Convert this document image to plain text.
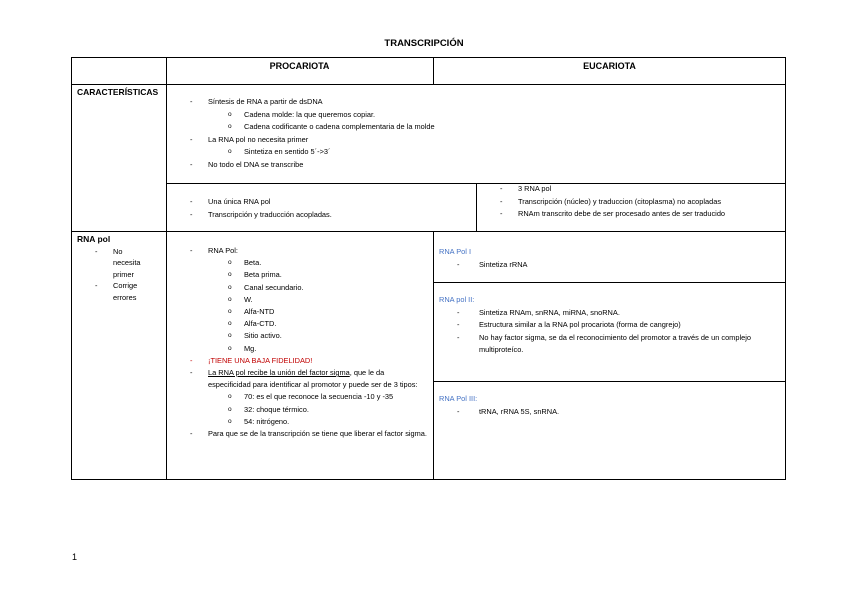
TRANSCRIPCIÓN
PROCARIOTA	EUCARIOTA
CARACTERÍSTICAS
- Síntesis de RNA a partir de dsDNA
o Cadena molde: la que queremos copiar.
o Cadena codificante o cadena complementaria de la molde
- La RNA pol no necesita primer
o Sintetiza en sentido 5´->3´
- No todo el DNA se transcribe
- Una única RNA pol
- Transcripción y traducción acopladas.
- 3 RNA pol
- Transcripción (núcleo) y traduccion (citoplasma) no acopladas
- RNAm transcrito debe de ser procesado antes de ser traducido
RNA pol
- No necesita primer
- Corrige errores
- RNA Pol:
o Beta.
o Beta prima.
o Canal secundario.
o W.
o Alfa-NTD
o Alfa-CTD.
o Sitio activo.
o Mg.
- ¡TIENE UNA BAJA FIDELIDAD!
- La RNA pol recibe la unión del factor sigma, que le da especificidad para identificar al promotor y puede ser de 3 tipos:
o 70: es el que reconoce la secuencia -10 y -35
o 32: choque térmico.
o 54: nitrógeno.
- Para que se de la transcripción se tiene que liberar el factor sigma.
RNA Pol I
- Sintetiza rRNA
RNA pol II:
- Sintetiza RNAm, snRNA, miRNA, snoRNA.
- Estructura similar a la RNA pol procariota (forma de cangrejo)
- No hay factor sigma, se da el reconocimiento del promotor a través de un complejo multiproteíco.
RNA Pol III:
- tRNA, rRNA 5S, snRNA.
1
